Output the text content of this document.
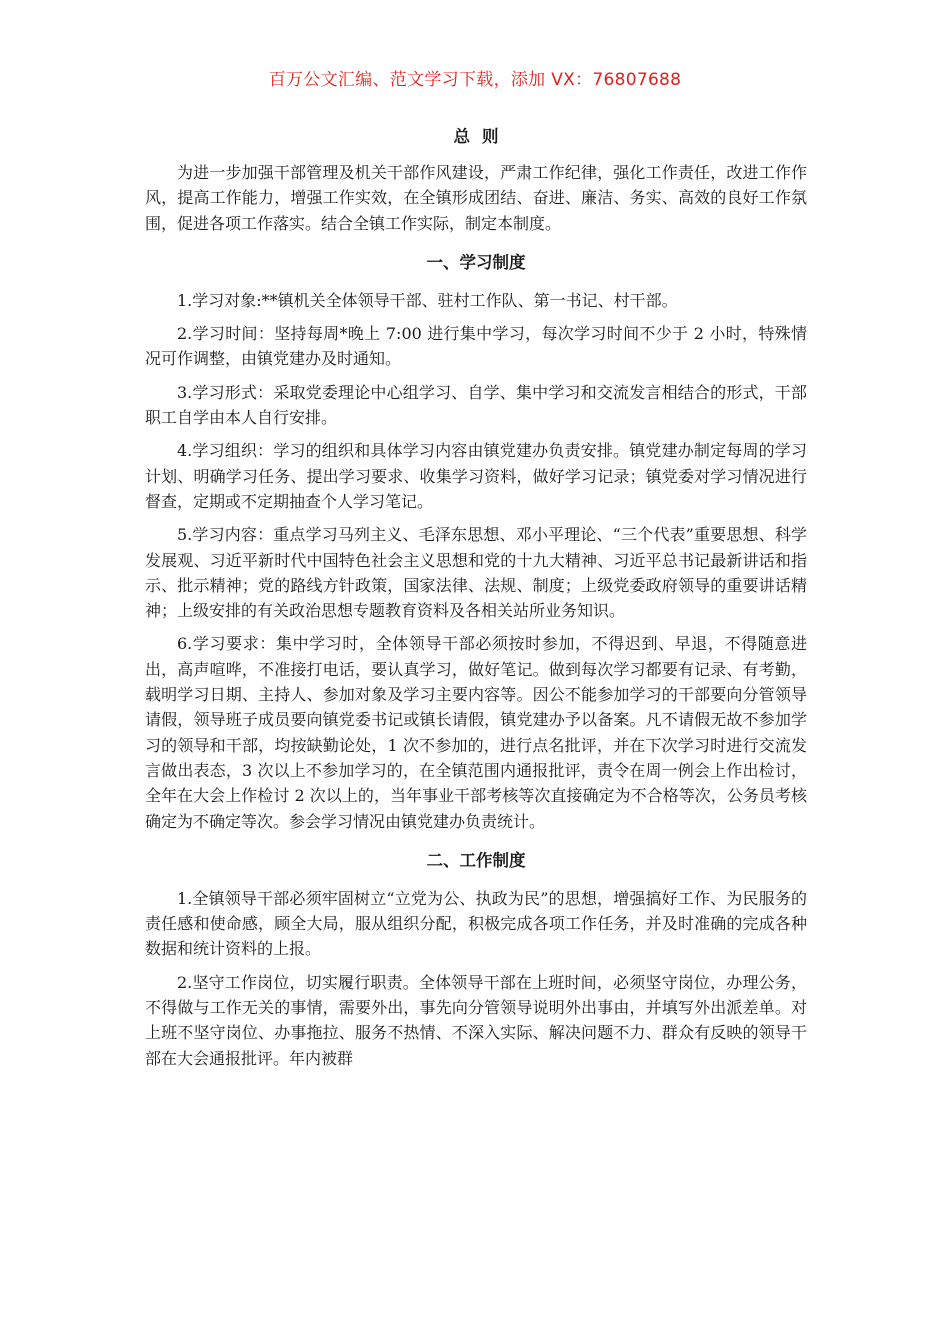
百万公文汇编、范文学习下载，添加 VX：76807688
总则

为进一步加强干部管理及机关干部作风建设，严肃工作纪律，强化工作责任，改进工作作风，提高工作能力，增强工作实效，在全镇形成团结、奋进、廉洁、务实、高效的良好工作氛围，促进各项工作落实。结合全镇工作实际，制定本制度。

一、学习制度

1.学习对象:**镇机关全体领导干部、驻村工作队、第一书记、村干部。

2.学习时间：坚持每周*晚上 7:00 进行集中学习，每次学习时间不少于 2 小时，特殊情况可作调整，由镇党建办及时通知。

3.学习形式：采取党委理论中心组学习、自学、集中学习和交流发言相结合的形式，干部职工自学由本人自行安排。

4.学习组织：学习的组织和具体学习内容由镇党建办负责安排。镇党建办制定每周的学习计划、明确学习任务、提出学习要求、收集学习资料，做好学习记录；镇党委对学习情况进行督查，定期或不定期抽查个人学习笔记。

5.学习内容：重点学习马列主义、毛泽东思想、邓小平理论、“三个代表”重要思想、科学发展观、习近平新时代中国特色社会主义思想和党的十九大精神、习近平总书记最新讲话和指示、批示精神；党的路线方针政策，国家法律、法规、制度；上级党委政府领导的重要讲话精神；上级安排的有关政治思想专题教育资料及各相关站所业务知识。

6.学习要求：集中学习时，全体领导干部必须按时参加，不得迟到、早退，不得随意进出，高声喧哗，不准接打电话，要认真学习，做好笔记。做到每次学习都要有记录、有考勤，载明学习日期、主持人、参加对象及学习主要内容等。因公不能参加学习的干部要向分管领导请假，领导班子成员要向镇党委书记或镇长请假，镇党建办予以备案。凡不请假无故不参加学习的领导和干部，均按缺勤论处，1 次不参加的，进行点名批评，并在下次学习时进行交流发言做出表态，3 次以上不参加学习的，在全镇范围内通报批评，责令在周一例会上作出检讨，全年在大会上作检讨 2 次以上的，当年事业干部考核等次直接确定为不合格等次，公务员考核确定为不确定等次。参会学习情况由镇党建办负责统计。

二、工作制度

1.全镇领导干部必须牢固树立“立党为公、执政为民”的思想，增强搞好工作、为民服务的责任感和使命感，顾全大局，服从组织分配，积极完成各项工作任务，并及时准确的完成各种数据和统计资料的上报。

2.坚守工作岗位，切实履行职责。全体领导干部在上班时间，必须坚守岗位，办理公务，不得做与工作无关的事情，需要外出，事先向分管领导说明外出事由，并填写外出派差单。对上班不坚守岗位、办事拖拉、服务不热情、不深入实际、解决问题不力、群众有反映的领导干部在大会通报批评。年内被群
